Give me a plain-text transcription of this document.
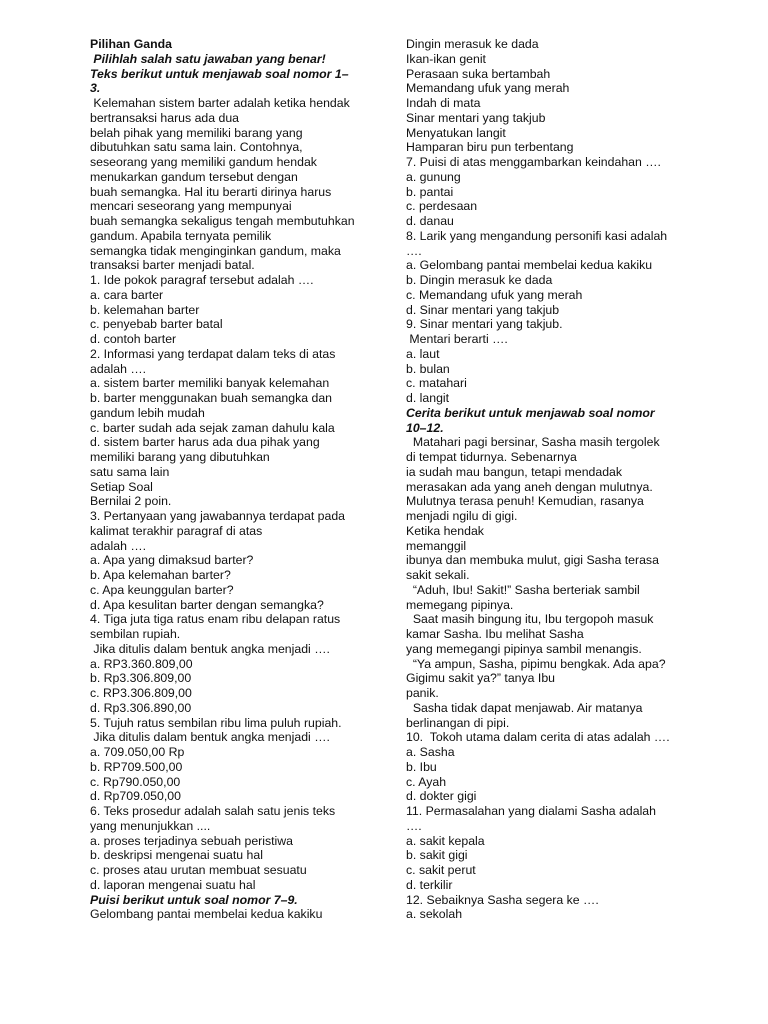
Pilihan Ganda
Pilihlah salah satu jawaban yang benar!
Teks berikut untuk menjawab soal nomor 1–
3.
Kelemahan sistem barter adalah ketika hendak
bertransaksi harus ada dua
belah pihak yang memiliki barang yang
dibutuhkan satu sama lain. Contohnya,
seseorang yang memiliki gandum hendak
menukarkan gandum tersebut dengan
buah semangka. Hal itu berarti dirinya harus
mencari seseorang yang mempunyai
buah semangka sekaligus tengah membutuhkan
gandum. Apabila ternyata pemilik
semangka tidak menginginkan gandum, maka
transaksi barter menjadi batal.
1. Ide pokok paragraf tersebut adalah ….
a. cara barter
b. kelemahan barter
c. penyebab barter batal
d. contoh barter
2. Informasi yang terdapat dalam teks di atas
adalah ….
a. sistem barter memiliki banyak kelemahan
b. barter menggunakan buah semangka dan
gandum lebih mudah
c. barter sudah ada sejak zaman dahulu kala
d. sistem barter harus ada dua pihak yang
memiliki barang yang dibutuhkan
satu sama lain
Setiap Soal
Bernilai 2 poin.
3. Pertanyaan yang jawabannya terdapat pada
kalimat terakhir paragraf di atas
adalah ….
a. Apa yang dimaksud barter?
b. Apa kelemahan barter?
c. Apa keunggulan barter?
d. Apa kesulitan barter dengan semangka?
4. Tiga juta tiga ratus enam ribu delapan ratus
sembilan rupiah.
Jika ditulis dalam bentuk angka menjadi ….
a. RP3.360.809,00
b. Rp3.306.809,00
c. RP3.306.809,00
d. Rp3.306.890,00
5. Tujuh ratus sembilan ribu lima puluh rupiah.
Jika ditulis dalam bentuk angka menjadi ….
a. 709.050,00 Rp
b. RP709.500,00
c. Rp790.050,00
d. Rp709.050,00
6. Teks prosedur adalah salah satu jenis teks
yang menunjukkan ....
a. proses terjadinya sebuah peristiwa
b. deskripsi mengenai suatu hal
c. proses atau urutan membuat sesuatu
d. laporan mengenai suatu hal
Puisi berikut untuk soal nomor 7–9.
Gelombang pantai membelai kedua kakiku
Dingin merasuk ke dada
Ikan-ikan genit
Perasaan suka bertambah
Memandang ufuk yang merah
Indah di mata
Sinar mentari yang takjub
Menyatukan langit
Hamparan biru pun terbentang
7. Puisi di atas menggambarkan keindahan ….
a. gunung
b. pantai
c. perdesaan
d. danau
8. Larik yang mengandung personifi kasi adalah
….
a. Gelombang pantai membelai kedua kakiku
b. Dingin merasuk ke dada
c. Memandang ufuk yang merah
d. Sinar mentari yang takjub
9. Sinar mentari yang takjub.
Mentari berarti ….
a. laut
b. bulan
c. matahari
d. langit
Cerita berikut untuk menjawab soal nomor
10–12.
Matahari pagi bersinar, Sasha masih tergolek
di tempat tidurnya. Sebenarnya
ia sudah mau bangun, tetapi mendadak
merasakan ada yang aneh dengan mulutnya.
Mulutnya terasa penuh! Kemudian, rasanya
menjadi ngilu di gigi.
Ketika hendak
memanggil
ibunya dan membuka mulut, gigi Sasha terasa
sakit sekali.
“Aduh, Ibu! Sakit!” Sasha berteriak sambil
memegang pipinya.
Saat masih bingung itu, Ibu tergopoh masuk
kamar Sasha. Ibu melihat Sasha
yang memegangi pipinya sambil menangis.
“Ya ampun, Sasha, pipimu bengkak. Ada apa?
Gigimu sakit ya?” tanya Ibu
panik.
Sasha tidak dapat menjawab. Air matanya
berlinangan di pipi.
10.  Tokoh utama dalam cerita di atas adalah ….
a. Sasha
b. Ibu
c. Ayah
d. dokter gigi
11. Permasalahan yang dialami Sasha adalah
….
a. sakit kepala
b. sakit gigi
c. sakit perut
d. terkilir
12. Sebaiknya Sasha segera ke ….
a. sekolah
